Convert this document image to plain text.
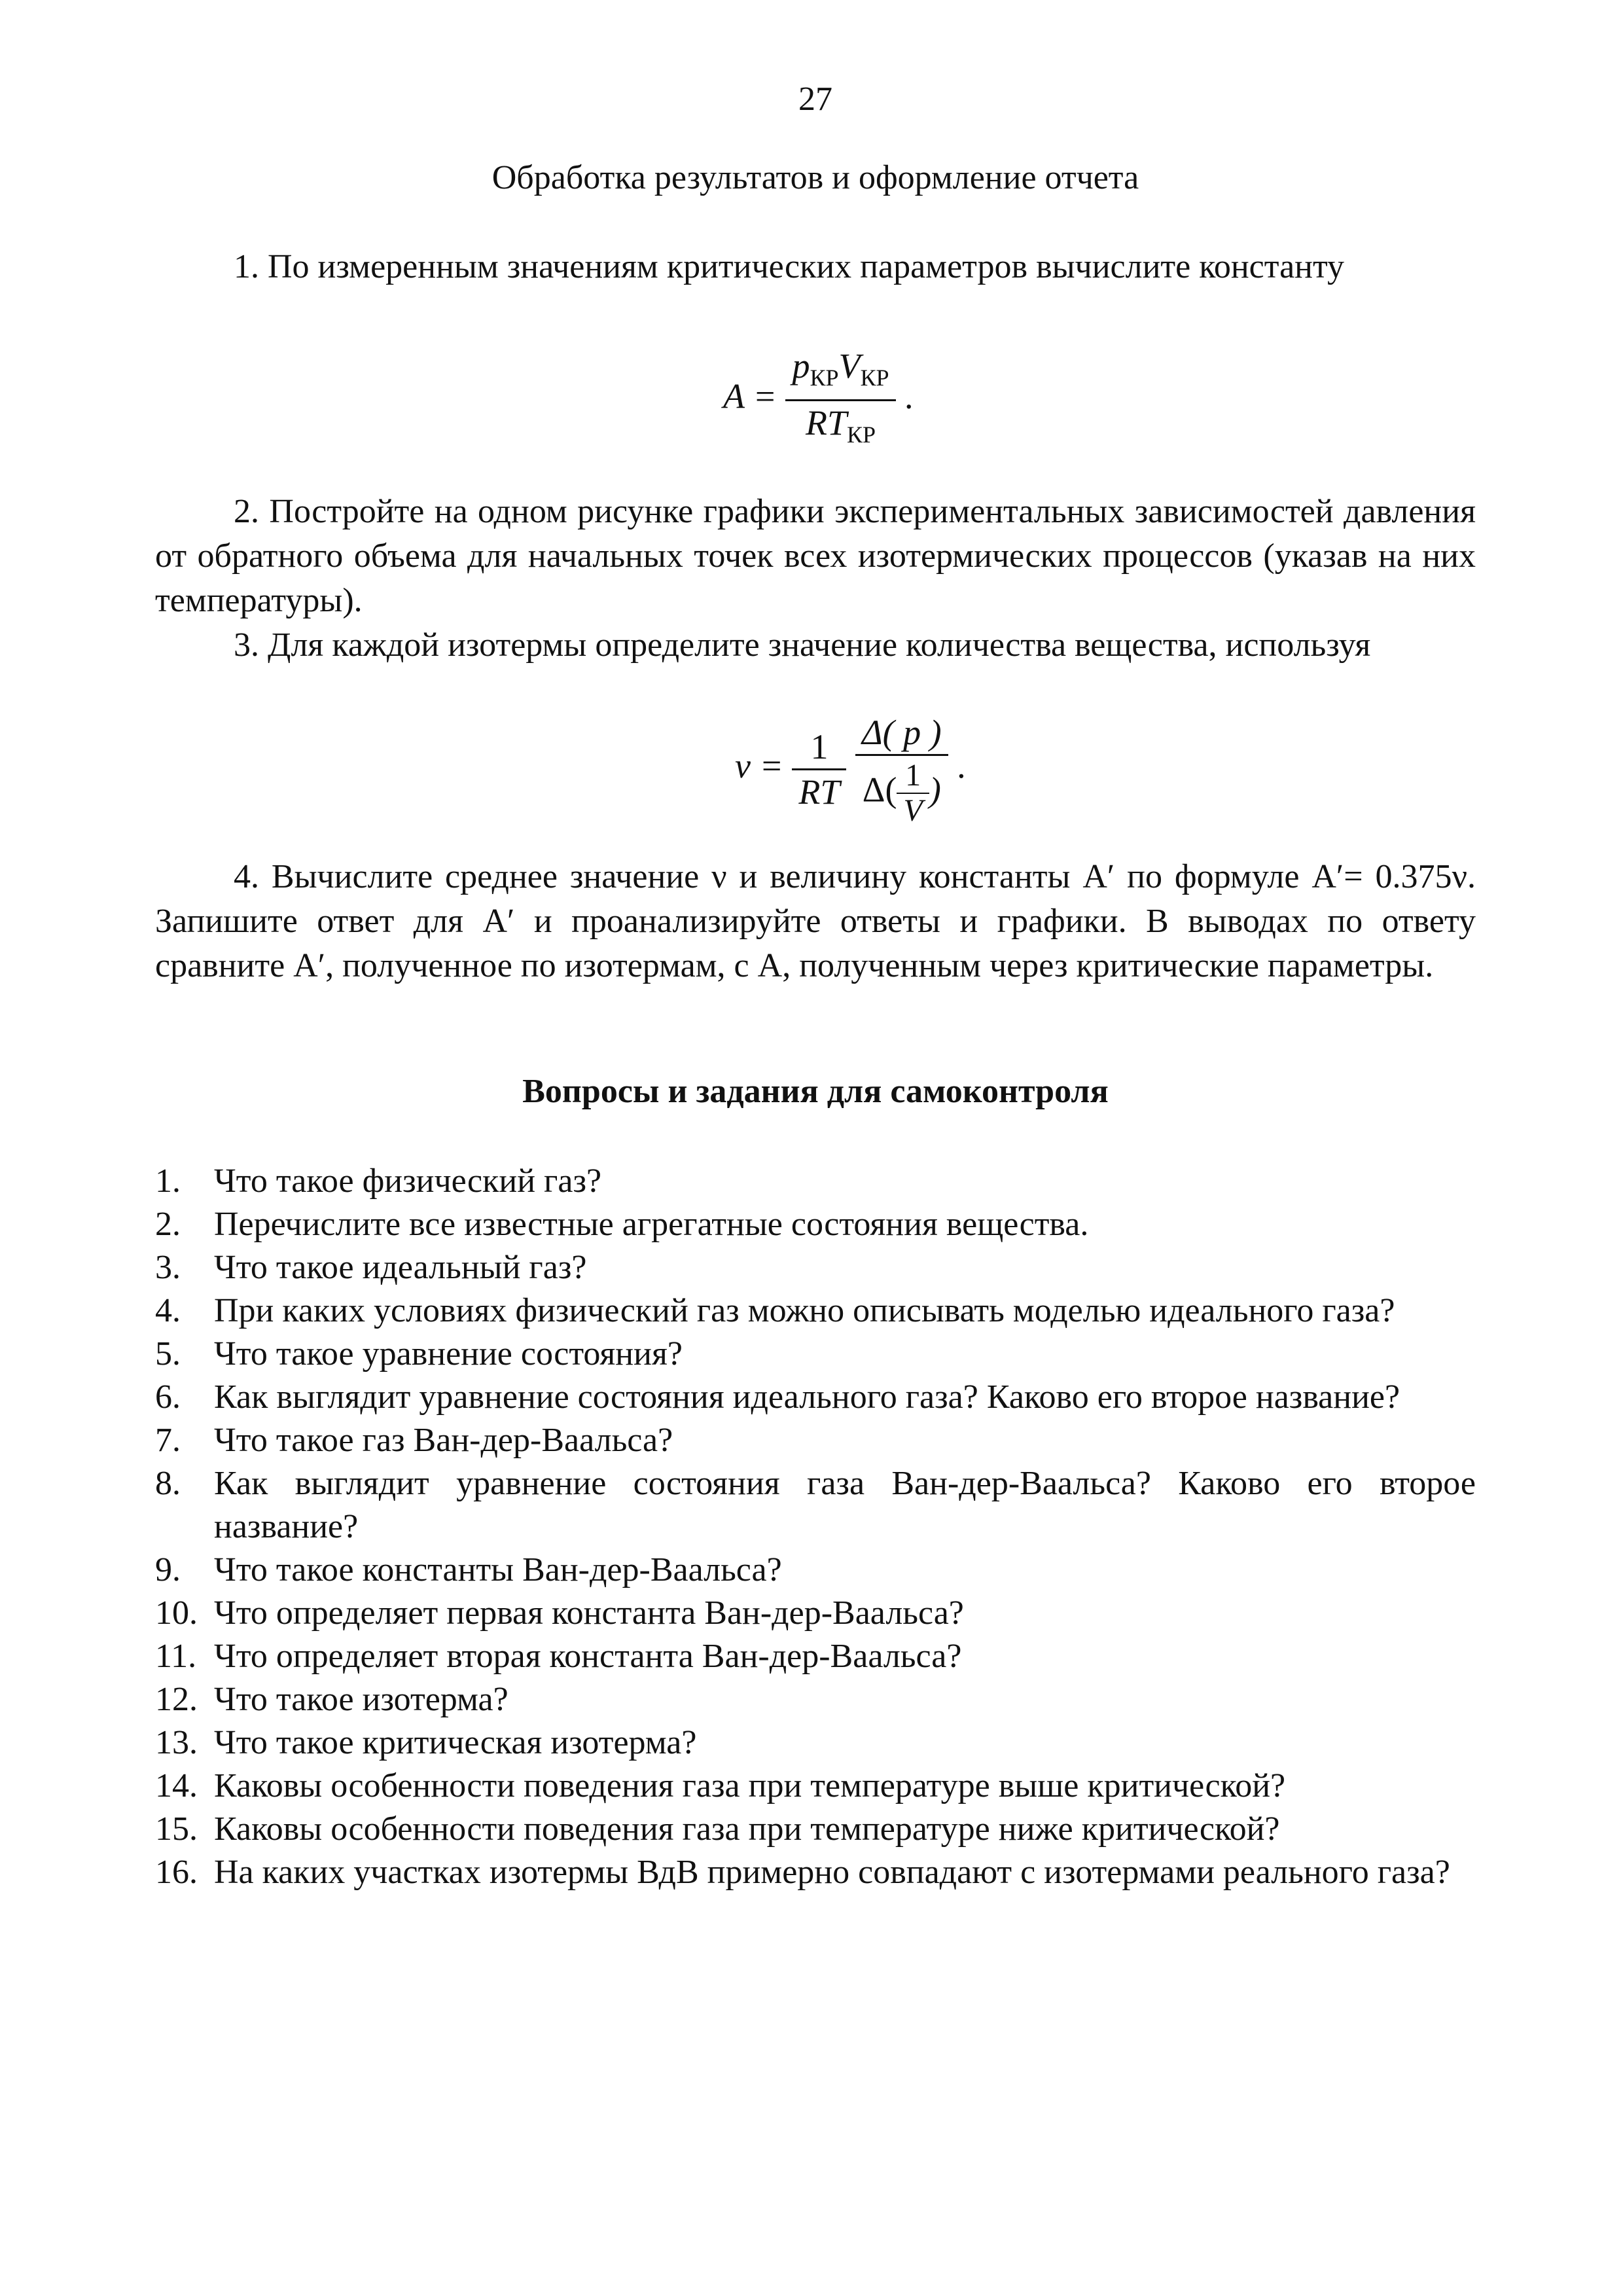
27
Обработка результатов и оформление отчета
1. По измеренным значениям критических параметров вычислите константу
$A = \frac{p_{КР}V_{КР}}{RT_{КР}}$ .
2. Постройте на одном рисунке графики экспериментальных зависимостей давления от обратного объема для начальных точек всех изотермических процессов (указав на них температуры).
3. Для каждой изотермы определите значение количества вещества, используя
$\nu = \frac{1}{RT}$
$\frac{\Delta( p )}{\Delta( \frac{1}{V} )}$ .
4. Вычислите среднее значение ν и величину константы A′ по формуле A′= 0.375ν. Запишите ответ для A′ и проанализируйте ответы и графики. В выводах по ответу сравните A′, полученное по изотермам, с A, полученным через критические параметры.
Вопросы и задания для самоконтроля
1. Что такое физический газ?
2. Перечислите все известные агрегатные состояния вещества.
3. Что такое идеальный газ?
4. При каких условиях физический газ можно описывать моделью идеального газа?
5. Что такое уравнение состояния?
6. Как выглядит уравнение состояния идеального газа? Каково его второе название?
7. Что такое газ Ван-дер-Ваальса?
8. Как выглядит уравнение состояния газа Ван-дер-Ваальса? Каково его второе название?
9. Что такое константы Ван-дер-Ваальса?
10. Что определяет первая константа Ван-дер-Ваальса?
11. Что определяет вторая константа Ван-дер-Ваальса?
12. Что такое изотерма?
13. Что такое критическая изотерма?
14. Каковы особенности поведения газа при температуре выше критической?
15. Каковы особенности поведения газа при температуре ниже критической?
16. На каких участках изотермы ВдВ примерно совпадают с изотермами реального газа?
